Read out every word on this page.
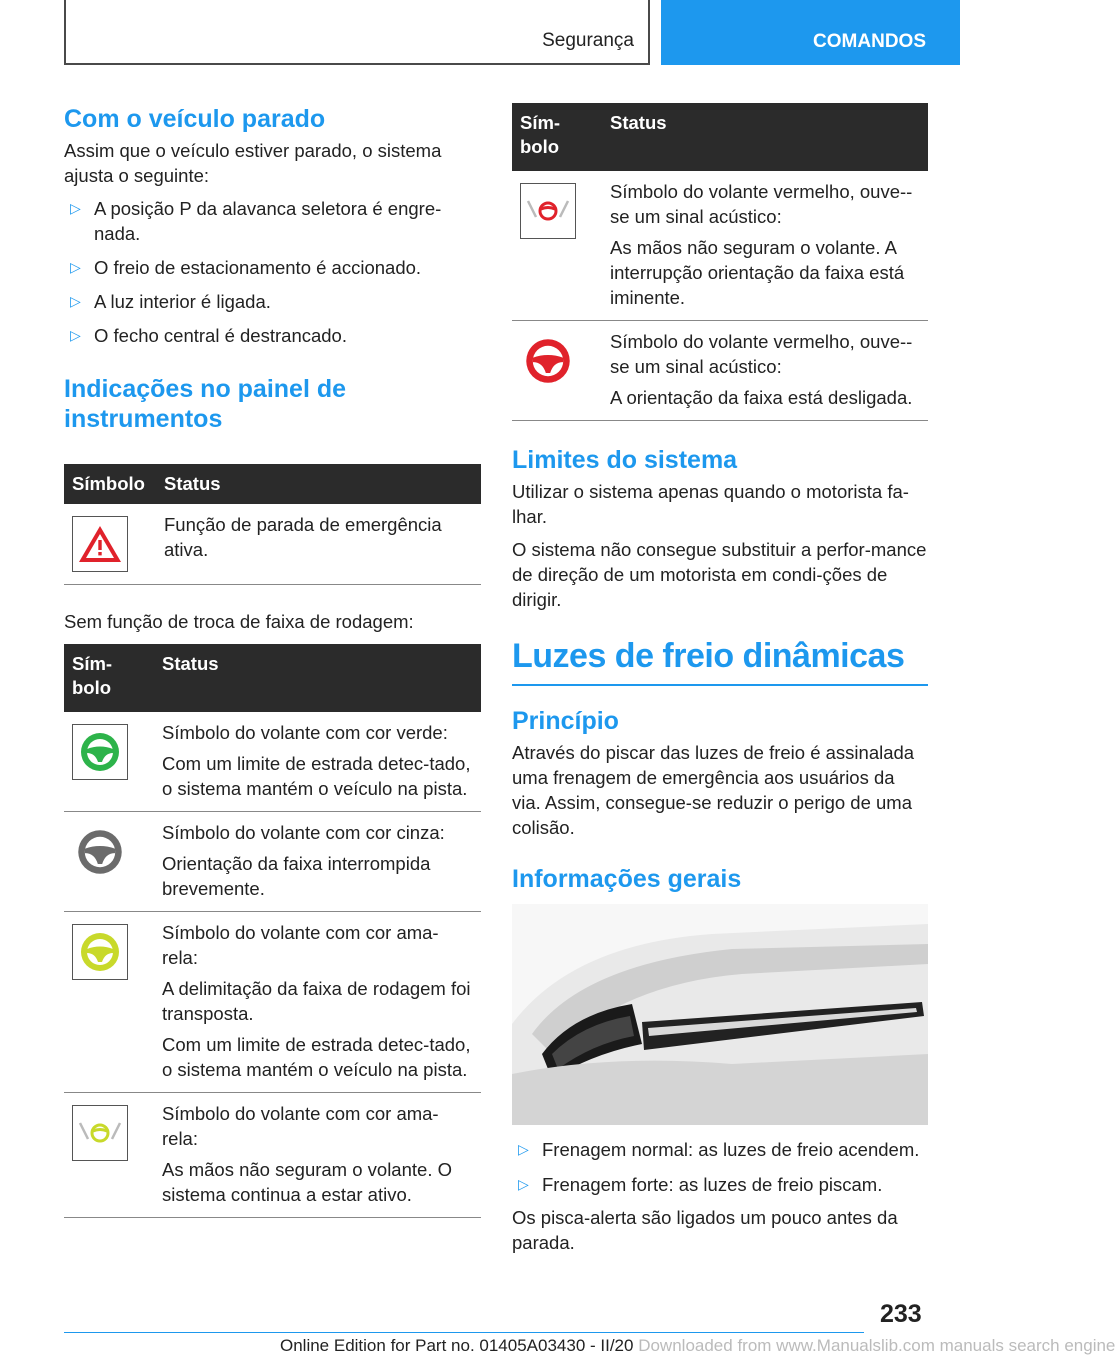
Segurança	COMANDOS
Com o veículo parado

Assim que o veículo estiver parado, o sistema ajusta o seguinte:

▷ A posição P da alavanca seletora é engre-nada.
▷ O freio de estacionamento é accionado.
▷ A luz interior é ligada.
▷ O fecho central é destrancado.
Indicações no painel de instrumentos
Símbolo	Status

Função de parada de emergência ativa.

Sem função de troca de faixa de rodagem:

Sím-bolo	Status

Símbolo do volante com cor verde:
Com um limite de estrada detec-tado, o sistema mantém o veículo na pista.

Símbolo do volante com cor cinza:
Orientação da faixa interrompida brevemente.

Símbolo do volante com cor ama-rela:
A delimitação da faixa de rodagem foi transposta.
Com um limite de estrada detec-tado, o sistema mantém o veículo na pista.

Símbolo do volante com cor ama-rela:
As mãos não seguram o volante. O sistema continua a estar ativo.
Sím-bolo	Status

Símbolo do volante vermelho, ouve--se um sinal acústico:
As mãos não seguram o volante. A interrupção orientação da faixa está iminente.

Símbolo do volante vermelho, ouve--se um sinal acústico:
A orientação da faixa está desligada.
Limites do sistema

Utilizar o sistema apenas quando o motorista fa-lhar.

O sistema não consegue substituir a perfor-mance de direção de um motorista em condi-ções de dirigir.

Luzes de freio dinâmicas
Princípio

Através do piscar das luzes de freio é assinalada uma frenagem de emergência aos usuários da via. Assim, consegue-se reduzir o perigo de uma colisão.

Informações gerais
▷ Frenagem normal: as luzes de freio acendem.
▷ Frenagem forte: as luzes de freio piscam.

Os pisca-alerta são ligados um pouco antes da parada.

233
Online Edition for Part no. 01405A03430 - II/20 Downloaded from www.Manualslib.com manuals search engine
